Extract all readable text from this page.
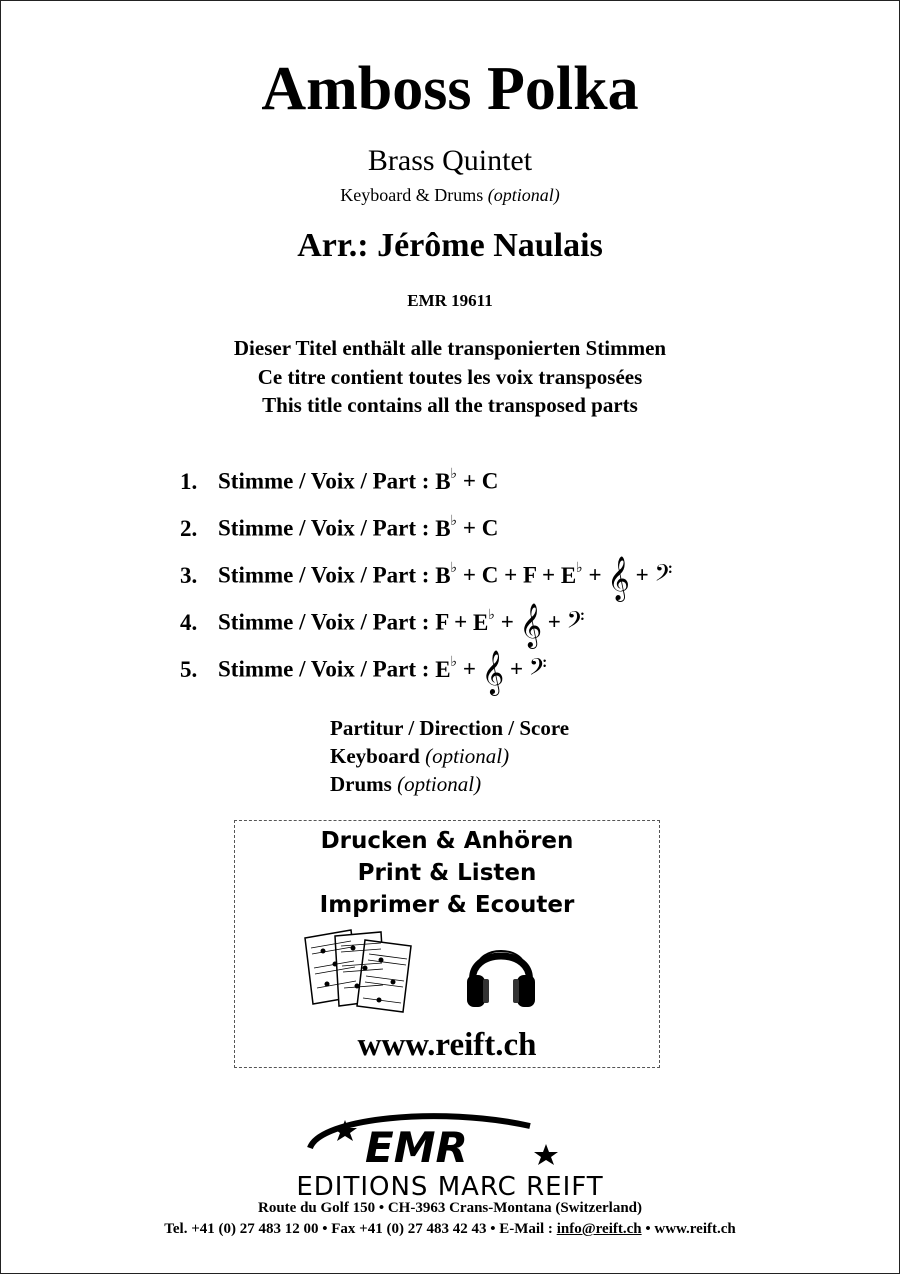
Amboss Polka
Brass Quintet
Keyboard & Drums (optional)
Arr.: Jérôme Naulais
EMR 19611
Dieser Titel enthält alle transponierten Stimmen
Ce titre contient toutes les voix transposées
This title contains all the transposed parts
1. Stimme / Voix / Part : B♭ + C
2. Stimme / Voix / Part : B♭ + C
3. Stimme / Voix / Part : B♭ + C + F + E♭ + 𝄞 + 𝄢
4. Stimme / Voix / Part : F + E♭ + 𝄞 + 𝄢
5. Stimme / Voix / Part : E♭ + 𝄞 + 𝄢
Partitur / Direction / Score
Keyboard (optional)
Drums (optional)
Drucken & Anhören
Print & Listen
Imprimer & Ecouter
www.reift.ch
EMR
EDITIONS MARC REIFT
Route du Golf 150 • CH-3963 Crans-Montana (Switzerland)
Tel. +41 (0) 27 483 12 00 • Fax +41 (0) 27 483 42 43 • E-Mail : info@reift.ch • www.reift.ch
